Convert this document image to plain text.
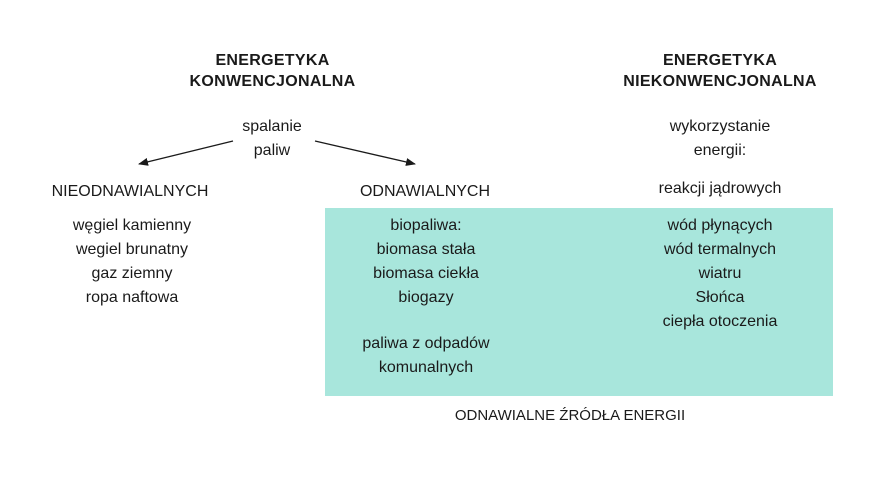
ENERGETYKA
KONWENCJONALNA
ENERGETYKA
NIEKONWENCJONALNA
spalanie
paliw
wykorzystanie
energii:
NIEODNAWIALNYCH	ODNAWIALNYCH	reakcji jądrowych
węgiel kamienny
wegiel brunatny
gaz ziemny
ropa naftowa
biopaliwa:
biomasa stała
biomasa ciekła
biogazy
paliwa z odpadów
komunalnych
wód płynących
wód termalnych
wiatru
Słońca
ciepła otoczenia
ODNAWIALNE ŹRÓDŁA ENERGII
